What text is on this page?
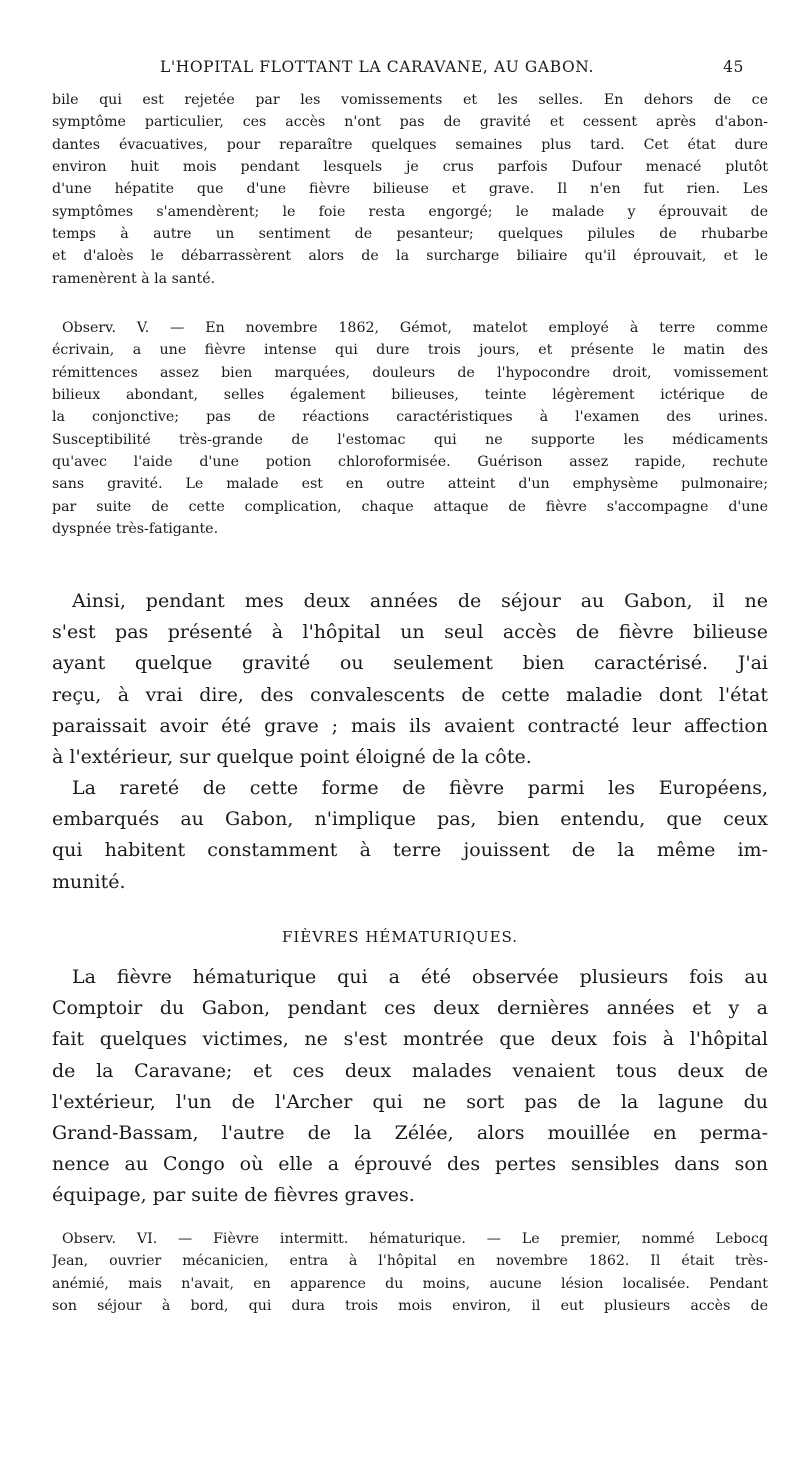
L'HOPITAL FLOTTANT LA CARAVANE, AU GABON.	45
bile qui est rejetée par les vomissements et les selles. En dehors de ce
symptôme particulier, ces accès n'ont pas de gravité et cessent après d'abon-
dantes évacuatives, pour reparaître quelques semaines plus tard. Cet état dure
environ huit mois pendant lesquels je crus parfois Dufour menacé plutôt
d'une hépatite que d'une fièvre bilieuse et grave. Il n'en fut rien. Les
symptômes s'amendèrent; le foie resta engorgé; le malade y éprouvait de
temps à autre un sentiment de pesanteur; quelques pilules de rhubarbe
et d'aloès le débarrassèrent alors de la surcharge biliaire qu'il éprouvait, et le
ramenèrent à la santé.
Observ. V. — En novembre 1862, Gémot, matelot employé à terre comme
écrivain, a une fièvre intense qui dure trois jours, et présente le matin des
rémittences assez bien marquées, douleurs de l'hypocondre droit, vomissement
bilieux abondant, selles également bilieuses, teinte légèrement ictérique de
la conjonctive; pas de réactions caractéristiques à l'examen des urines.
Susceptibilité très-grande de l'estomac qui ne supporte les médicaments
qu'avec l'aide d'une potion chloroformisée. Guérison assez rapide, rechute
sans gravité. Le malade est en outre atteint d'un emphysème pulmonaire;
par suite de cette complication, chaque attaque de fièvre s'accompagne d'une
dyspnée très-fatigante.
Ainsi, pendant mes deux années de séjour au Gabon, il ne
s'est pas présenté à l'hôpital un seul accès de fièvre bilieuse
ayant quelque gravité ou seulement bien caractérisé. J'ai
reçu, à vrai dire, des convalescents de cette maladie dont l'état
paraissait avoir été grave ; mais ils avaient contracté leur affection
à l'extérieur, sur quelque point éloigné de la côte.
La rareté de cette forme de fièvre parmi les Européens,
embarqués au Gabon, n'implique pas, bien entendu, que ceux
qui habitent constamment à terre jouissent de la même im-
munité.
FIÈVRES HÉMATURIQUES.
La fièvre hématurique qui a été observée plusieurs fois au
Comptoir du Gabon, pendant ces deux dernières années et y a
fait quelques victimes, ne s'est montrée que deux fois à l'hôpital
de la Caravane; et ces deux malades venaient tous deux de
l'extérieur, l'un de l'Archer qui ne sort pas de la lagune du
Grand-Bassam, l'autre de la Zélée, alors mouillée en perma-
nence au Congo où elle a éprouvé des pertes sensibles dans son
équipage, par suite de fièvres graves.
Observ. VI. — Fièvre intermitt. hématurique. — Le premier, nommé Lebocq
Jean, ouvrier mécanicien, entra à l'hôpital en novembre 1862. Il était très-
anémié, mais n'avait, en apparence du moins, aucune lésion localisée. Pendant
son séjour à bord, qui dura trois mois environ, il eut plusieurs accès de
